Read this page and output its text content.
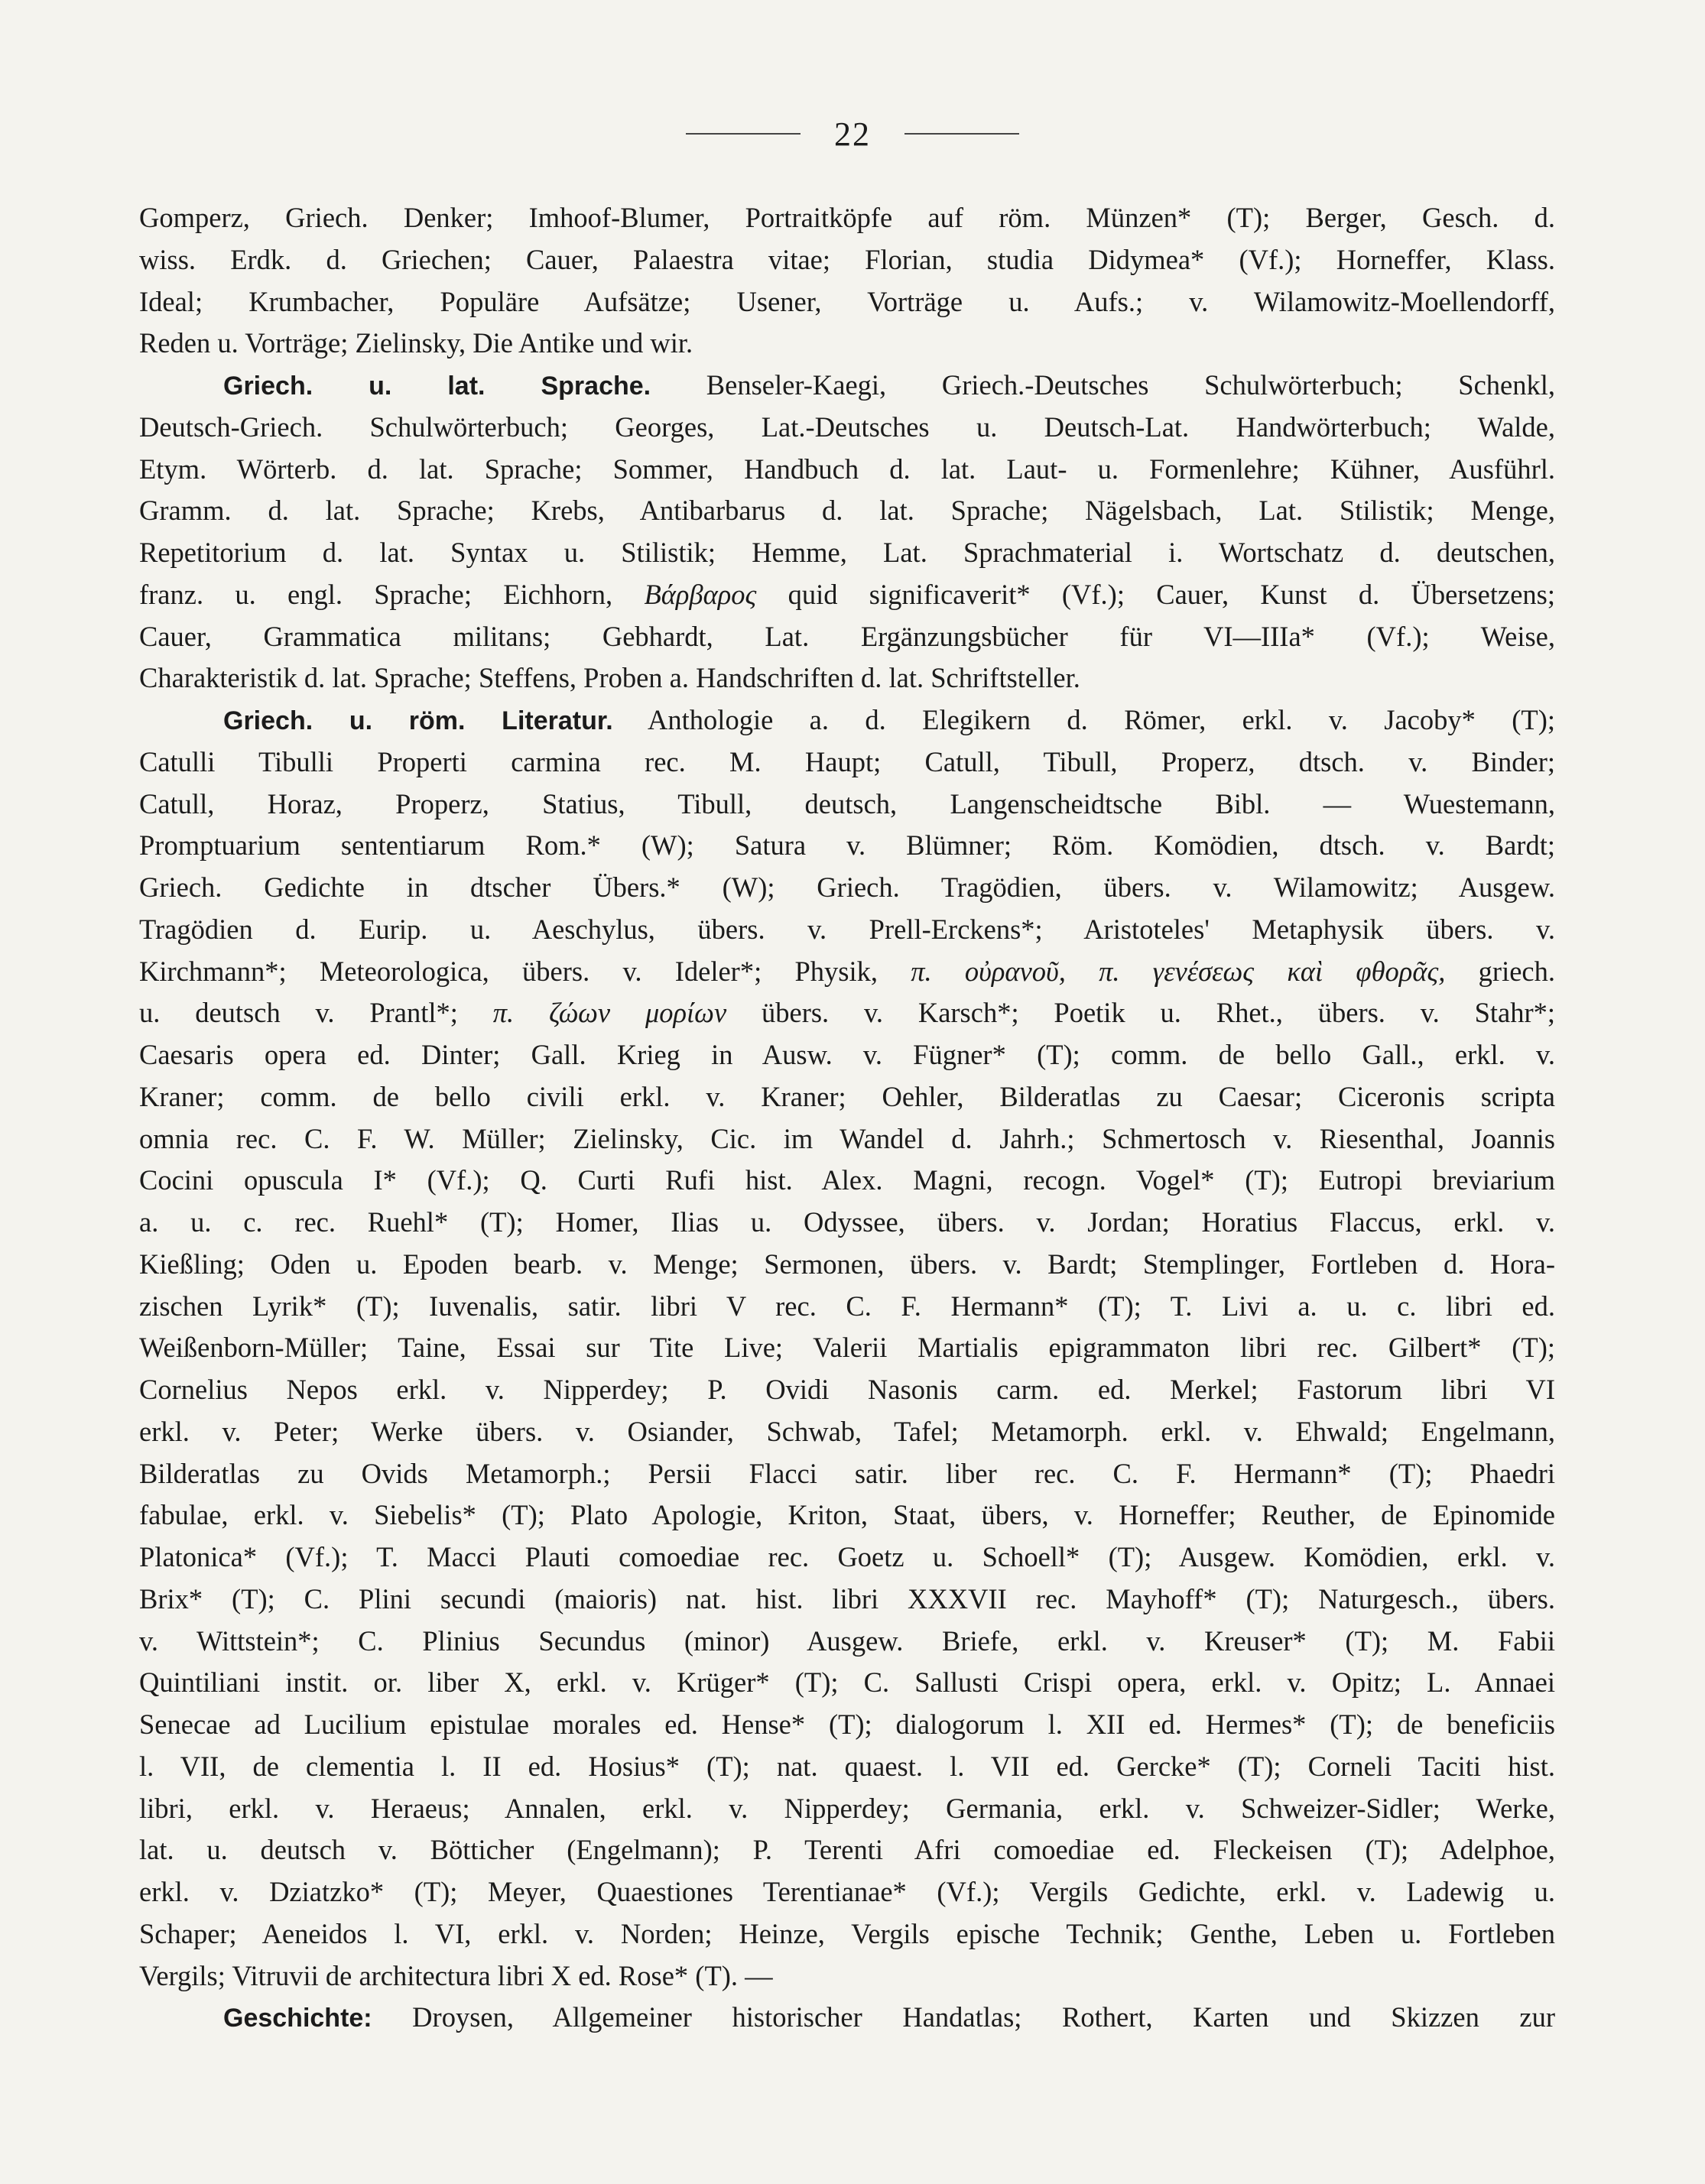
22
Gomperz, Griech. Denker; Imhoof-Blumer, Portraitköpfe auf röm. Münzen* (T); Berger, Gesch. d.
wiss. Erdk. d. Griechen; Cauer, Palaestra vitae; Florian, studia Didymea* (Vf.); Horneffer, Klass.
Ideal; Krumbacher, Populäre Aufsätze; Usener, Vorträge u. Aufs.; v. Wilamowitz-Moellendorff,
Reden u. Vorträge; Zielinsky, Die Antike und wir.
Griech. u. lat. Sprache. Benseler-Kaegi, Griech.-Deutsches Schulwörterbuch; Schenkl,
Deutsch-Griech. Schulwörterbuch; Georges, Lat.-Deutsches u. Deutsch-Lat. Handwörterbuch; Walde,
Etym. Wörterb. d. lat. Sprache; Sommer, Handbuch d. lat. Laut- u. Formenlehre; Kühner, Ausführl.
Gramm. d. lat. Sprache; Krebs, Antibarbarus d. lat. Sprache; Nägelsbach, Lat. Stilistik; Menge,
Repetitorium d. lat. Syntax u. Stilistik; Hemme, Lat. Sprachmaterial i. Wortschatz d. deutschen,
franz. u. engl. Sprache; Eichhorn, Βάρβαρος quid significaverit* (Vf.); Cauer, Kunst d. Übersetzens;
Cauer, Grammatica militans; Gebhardt, Lat. Ergänzungsbücher für VI—IIIa* (Vf.); Weise,
Charakteristik d. lat. Sprache; Steffens, Proben a. Handschriften d. lat. Schriftsteller.
Griech. u. röm. Literatur. Anthologie a. d. Elegikern d. Römer, erkl. v. Jacoby* (T);
Catulli Tibulli Properti carmina rec. M. Haupt; Catull, Tibull, Properz, dtsch. v. Binder;
Catull, Horaz, Properz, Statius, Tibull, deutsch, Langenscheidtsche Bibl. — Wuestemann,
Promptuarium sententiarum Rom.* (W); Satura v. Blümner; Röm. Komödien, dtsch. v. Bardt;
Griech. Gedichte in dtscher Übers.* (W); Griech. Tragödien, übers. v. Wilamowitz; Ausgew.
Tragödien d. Eurip. u. Aeschylus, übers. v. Prell-Erckens*; Aristoteles' Metaphysik übers. v.
Kirchmann*; Meteorologica, übers. v. Ideler*; Physik, π. οὐρανοῦ, π. γενέσεως καὶ φθορᾶς, griech.
u. deutsch v. Prantl*; π. ζώων μορίων übers. v. Karsch*; Poetik u. Rhet., übers. v. Stahr*;
Caesaris opera ed. Dinter; Gall. Krieg in Ausw. v. Fügner* (T); comm. de bello Gall., erkl. v.
Kraner; comm. de bello civili erkl. v. Kraner; Oehler, Bilderatlas zu Caesar; Ciceronis scripta
omnia rec. C. F. W. Müller; Zielinsky, Cic. im Wandel d. Jahrh.; Schmertosch v. Riesenthal, Joannis
Cocini opuscula I* (Vf.); Q. Curti Rufi hist. Alex. Magni, recogn. Vogel* (T); Eutropi breviarium
a. u. c. rec. Ruehl* (T); Homer, Ilias u. Odyssee, übers. v. Jordan; Horatius Flaccus, erkl. v.
Kießling; Oden u. Epoden bearb. v. Menge; Sermonen, übers. v. Bardt; Stemplinger, Fortleben d. Hora-
zischen Lyrik* (T); Iuvenalis, satir. libri V rec. C. F. Hermann* (T); T. Livi a. u. c. libri ed.
Weißenborn-Müller; Taine, Essai sur Tite Live; Valerii Martialis epigrammaton libri rec. Gilbert* (T);
Cornelius Nepos erkl. v. Nipperdey; P. Ovidi Nasonis carm. ed. Merkel; Fastorum libri VI
erkl. v. Peter; Werke übers. v. Osiander, Schwab, Tafel; Metamorph. erkl. v. Ehwald; Engelmann,
Bilderatlas zu Ovids Metamorph.; Persii Flacci satir. liber rec. C. F. Hermann* (T); Phaedri
fabulae, erkl. v. Siebelis* (T); Plato Apologie, Kriton, Staat, übers, v. Horneffer; Reuther, de Epinomide
Platonica* (Vf.); T. Macci Plauti comoediae rec. Goetz u. Schoell* (T); Ausgew. Komödien, erkl. v.
Brix* (T); C. Plini secundi (maioris) nat. hist. libri XXXVII rec. Mayhoff* (T); Naturgesch., übers.
v. Wittstein*; C. Plinius Secundus (minor) Ausgew. Briefe, erkl. v. Kreuser* (T); M. Fabii
Quintiliani instit. or. liber X, erkl. v. Krüger* (T); C. Sallusti Crispi opera, erkl. v. Opitz; L. Annaei
Senecae ad Lucilium epistulae morales ed. Hense* (T); dialogorum l. XII ed. Hermes* (T); de beneficiis
l. VII, de clementia l. II ed. Hosius* (T); nat. quaest. l. VII ed. Gercke* (T); Corneli Taciti hist.
libri, erkl. v. Heraeus; Annalen, erkl. v. Nipperdey; Germania, erkl. v. Schweizer-Sidler; Werke,
lat. u. deutsch v. Bötticher (Engelmann); P. Terenti Afri comoediae ed. Fleckeisen (T); Adelphoe,
erkl. v. Dziatzko* (T); Meyer, Quaestiones Terentianae* (Vf.); Vergils Gedichte, erkl. v. Ladewig u.
Schaper; Aeneidos l. VI, erkl. v. Norden; Heinze, Vergils epische Technik; Genthe, Leben u. Fortleben
Vergils; Vitruvii de architectura libri X ed. Rose* (T). —
Geschichte: Droysen, Allgemeiner historischer Handatlas; Rothert, Karten und Skizzen zur
